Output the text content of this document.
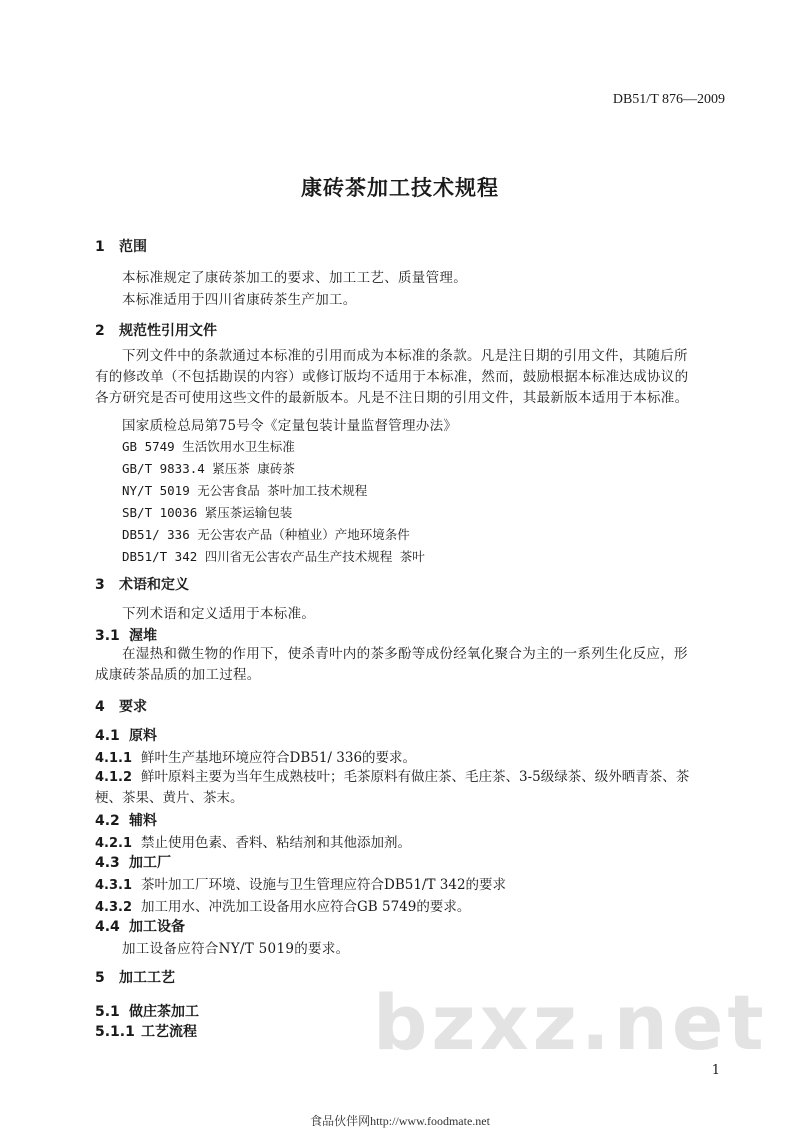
DB51/T 876—2009
康砖茶加工技术规程
1 范围
本标准规定了康砖茶加工的要求、加工工艺、质量管理。
本标准适用于四川省康砖茶生产加工。
2 规范性引用文件
下列文件中的条款通过本标准的引用而成为本标准的条款。凡是注日期的引用文件，其随后所有的修改单（不包括勘误的内容）或修订版均不适用于本标准，然而，鼓励根据本标准达成协议的各方研究是否可使用这些文件的最新版本。凡是不注日期的引用文件，其最新版本适用于本标准。
国家质检总局第75号令《定量包装计量监督管理办法》
GB 5749 生活饮用水卫生标准
GB/T 9833.4 紧压茶 康砖茶
NY/T 5019 无公害食品 茶叶加工技术规程
SB/T 10036 紧压茶运输包装
DB51/ 336 无公害农产品（种植业）产地环境条件
DB51/T 342 四川省无公害农产品生产技术规程 茶叶
3 术语和定义
下列术语和定义适用于本标准。
3.1 渥堆
在湿热和微生物的作用下，使杀青叶内的茶多酚等成份经氧化聚合为主的一系列生化反应，形成康砖茶品质的加工过程。
4 要求
4.1 原料
4.1.1 鲜叶生产基地环境应符合DB51/ 336的要求。
4.1.2 鲜叶原料主要为当年生成熟枝叶；毛茶原料有做庄茶、毛庄茶、3-5级绿茶、级外晒青茶、茶梗、茶果、黄片、茶末。
4.2 辅料
4.2.1 禁止使用色素、香料、粘结剂和其他添加剂。
4.3 加工厂
4.3.1 茶叶加工厂环境、设施与卫生管理应符合DB51/T 342的要求
4.3.2 加工用水、冲洗加工设备用水应符合GB 5749的要求。
4.4 加工设备
加工设备应符合NY/T 5019的要求。
bzxz.net
5 加工工艺
5.1 做庄茶加工
5.1.1 工艺流程
1
食品伙伴网http://www.foodmate.net
